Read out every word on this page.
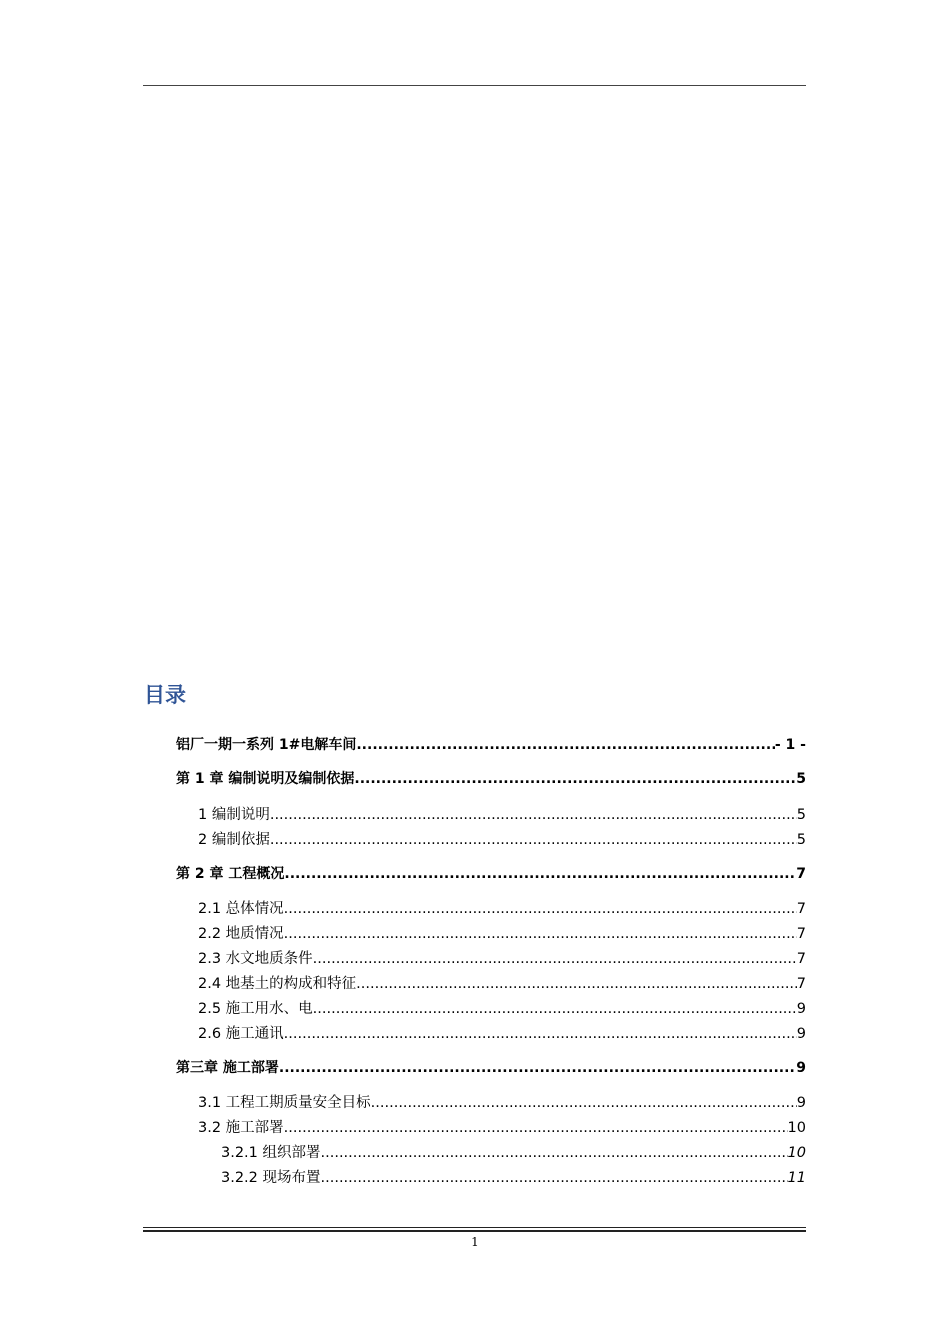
目录
铝厂一期一系列 1#电解车间 .....	- 1 -
第 1 章 编制说明及编制依据 .....	5
1 编制说明 .....	5
2 编制依据 .....	5
第 2 章 工程概况 .....	7
2.1 总体情况 .....	7
2.2 地质情况 .....	7
2.3 水文地质条件 .....	7
2.4 地基土的构成和特征 .....	7
2.5 施工用水、电 .....	9
2.6 施工通讯 .....	9
第三章 施工部署 .....	9
3.1 工程工期质量安全目标 .....	9
3.2 施工部署 .....	10
3.2.1 组织部署 .....	10
3.2.2 现场布置 .....	11
1
